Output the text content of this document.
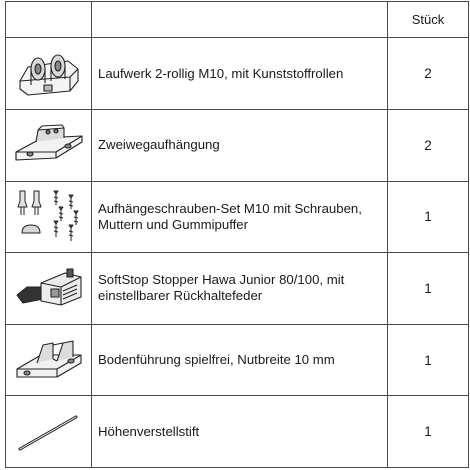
		Stück

	Laufwerk 2-rollig M10, mit Kunststoffrollen	2

	Zweiwegaufhängung	2

Aufhängeschrauben-Set M10 mit Schrauben,
Muttern und Gummipuffer	1

SoftStop Stopper Hawa Junior 80/100, mit
einstellbarer Rückhaltefeder	1

	Bodenführung spielfrei, Nutbreite 10 mm	1

	Höhenverstellstift	1
